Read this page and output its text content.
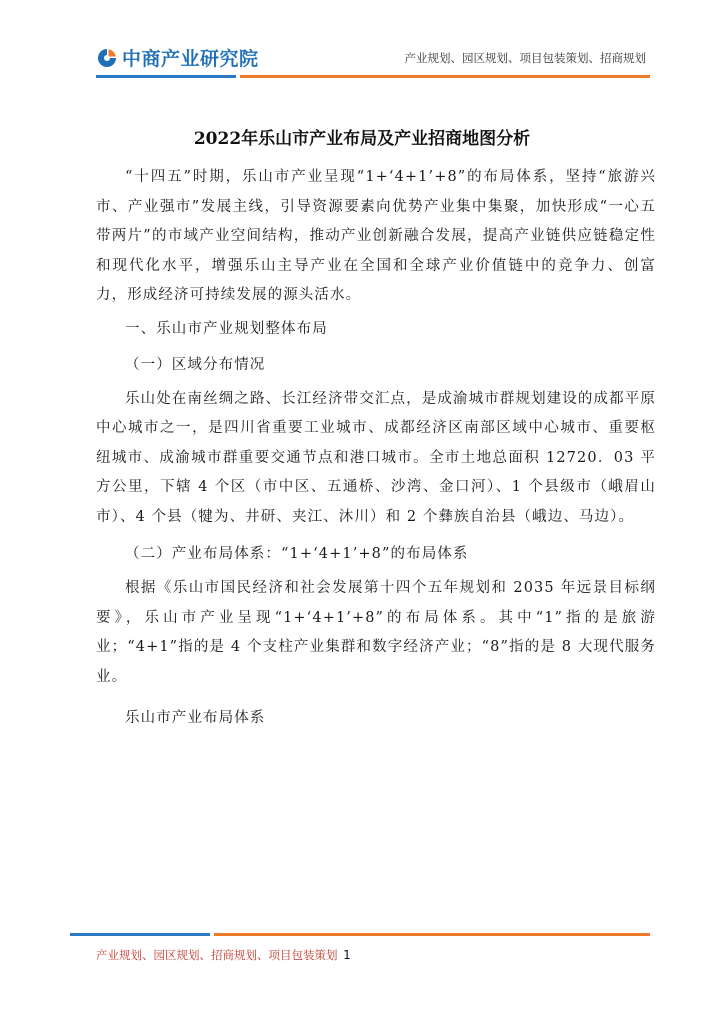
中商产业研究院	产业规划、园区规划、项目包装策划、招商规划
2022年乐山市产业布局及产业招商地图分析

“十四五”时期，乐山市产业呈现“1+‘4+1’+8”的布局体系，坚持“旅游兴市、产业强市”发展主线，引导资源要素向优势产业集中集聚，加快形成“一心五带两片”的市域产业空间结构，推动产业创新融合发展，提高产业链供应链稳定性和现代化水平，增强乐山主导产业在全国和全球产业价值链中的竞争力、创富力，形成经济可持续发展的源头活水。

一、乐山市产业规划整体布局

（一）区域分布情况

乐山处在南丝绸之路、长江经济带交汇点，是成渝城市群规划建设的成都平原中心城市之一，是四川省重要工业城市、成都经济区南部区域中心城市、重要枢纽城市、成渝城市群重要交通节点和港口城市。全市土地总面积 12720．03 平方公里，下辖 4 个区（市中区、五通桥、沙湾、金口河）、1 个县级市（峨眉山市）、4 个县（犍为、井研、夹江、沐川）和 2 个彝族自治县（峨边、马边）。

（二）产业布局体系：“1+‘4+1’+8”的布局体系

根据《乐山市国民经济和社会发展第十四个五年规划和 2035 年远景目标纲要》，乐山市产业呈现“1+‘4+1’+8”的布局体系。其中“1”指的是旅游业；“4+1”指的是 4 个支柱产业集群和数字经济产业；“8”指的是 8 大现代服务业。

乐山市产业布局体系

产业规划、园区规划、招商规划、项目包装策划 1
